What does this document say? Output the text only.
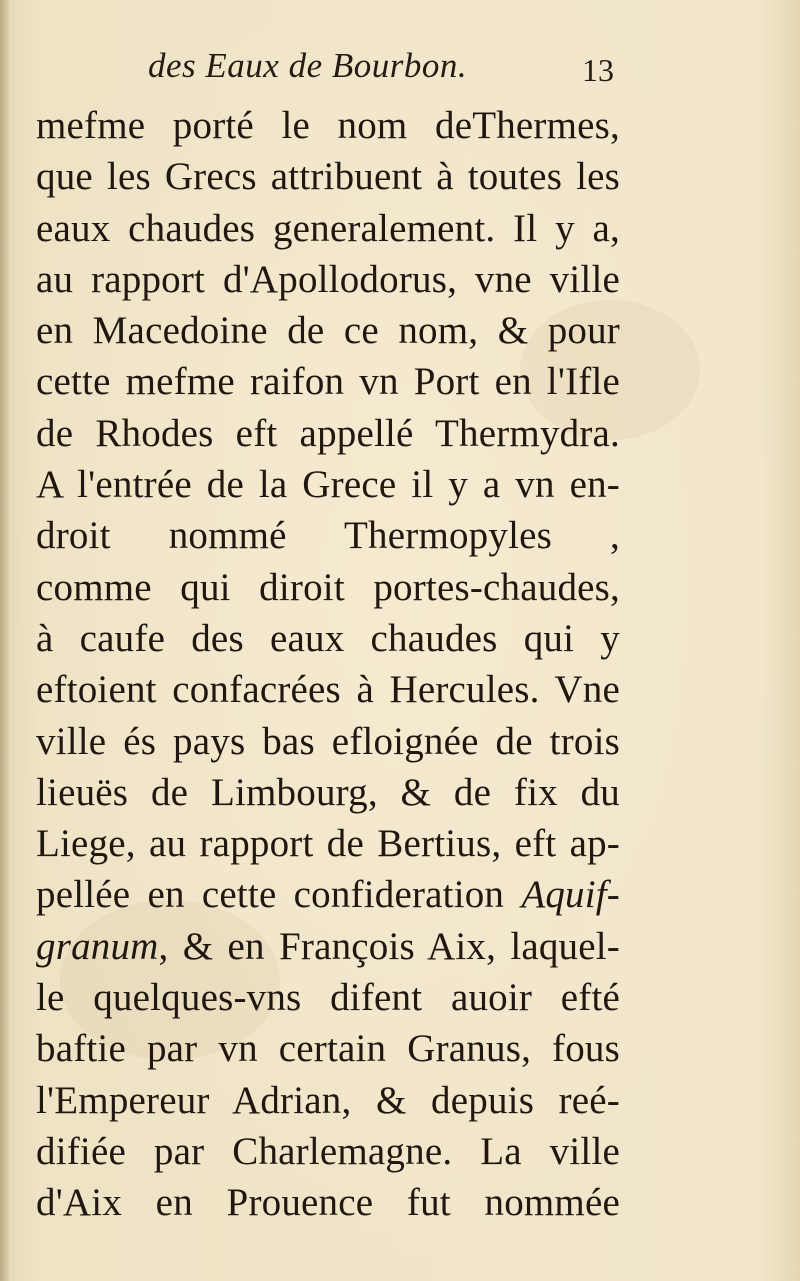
des Eaux de Bourbon.	13
mefme porté le nom deThermes,
que les Grecs attribuent à toutes les
eaux chaudes generalement. Il y a,
au rapport d'Apollodorus, vne ville
en Macedoine de ce nom, & pour
cette mefme raifon vn Port en l'Ifle
de Rhodes eft appellé Thermydra.
A l'entrée de la Grece il y a vn en-
droit nommé Thermopyles ,
comme qui diroit portes-chaudes,
à caufe des eaux chaudes qui y
eftoient confacrées à Hercules. Vne
ville és pays bas efloignée de trois
lieuës de Limbourg, & de fix du
Liege, au rapport de Bertius, eft ap-
pellée en cette confideration Aquif-
granum, & en François Aix, laquel-
le quelques-vns difent auoir efté
baftie par vn certain Granus, fous
l'Empereur Adrian, & depuis reé-
difiée par Charlemagne. La ville
d'Aix en Prouence fut nommée
